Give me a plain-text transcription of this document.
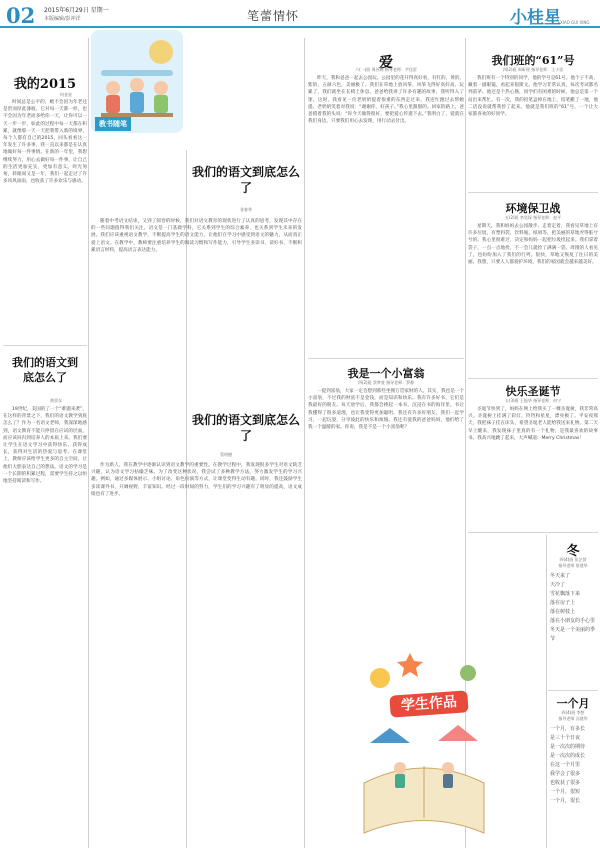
02 2015年6月29日 星期一
本版编辑/彭冲洋	笔蕾情怀	小桂星 XIAO GUI XING
教书随笔
我的2015
何金星

时间总是公平的，她不会因为年老还是贵而厚此薄彼，它对每一天都一样，也不会因为年老而多给你一天，让你可以一天一步一步，如此的过程中每一天都在积累，就像那一天一天把我带入新的境界。每个人都有自己的2015，回头看看这一年发生了许多事，我一直以来都是在认真地做好每一件事情。在新的一年里，我想继续努力，用心去做好每一件事，让自己的生活更加充实，更加有意义。时光匆匆，转眼间又是一年，我们一起走过了许多风风雨雨，也收获了许多欢乐与感动。

我们的语文到底怎么了
黄晋东

19世纪，美国的了一个“难题来袭”，在这样的背景之下，我们的语文教学到底怎么了？作为一名语文老师，我深深地感到，语文教育不能只停留在应试的层面，而应该回归到培养人的本质上来。我们要让学生在语文学习中获得快乐，获得成长，获得对生活的热爱与思考。在课堂上，教师应该给学生更多的自主空间，让他们大胆表达自己的想法。语文的学习是一个长期的积累过程，需要学生持之以恒地坚持阅读和写作。

我们的语文到底怎么了
张春华

随着中考语文结束，又到了阅卷的时候，我们对语文教育的现状进行了认真的思考，发现其中存在的一些问题值得我们关注。语文是一门基础学科，它关系到学生的综合素养，也关系到学生未来的发展。我们应该重视语文教学，不断提高学生的语文能力，让他们在学习中感受到语文的魅力，从而真正爱上语文。在教学中，教师要注重培养学生的阅读习惯和写作能力，引导学生多读书、读好书，不断积累语言材料，提高语言表达能力。

我们的语文到底怎么了
蔡明德

作为新人，我在教学中逐渐认识到语文教学的重要性。在教学过程中，我发现很多学生对语文缺乏兴趣，认为语文学习枯燥乏味。为了改变这种状况，我尝试了多种教学方法，努力激发学生的学习兴趣。例如，通过多媒体展示、小组讨论、角色扮演等方式，让课堂变得生动有趣。同时，我还鼓励学生多读课外书，开阔视野，丰富知识。经过一段时间的努力，学生们的学习兴趣有了明显的提高，语文成绩也有了进步。

爱
六(一)班 周苏锦 指导老师：尹佳雷

昨天，我和爸爸一起去公园玩。公园里的花开得真好看，有红的、黄的、紫的，五颜六色，美丽极了。我们在草地上放风筝，风筝飞得好高好高。玩累了，我们就坐在长椅上休息。爸爸给我讲了许多有趣的故事，我听得入了迷。这时，我看见一位老奶奶提着很重的东西走过来，我连忙跑过去帮她提。老奶奶笑着对我说：“谢谢你，好孩子。”我心里甜甜的。回家的路上，爸爸摸着我的头说：“你今天做得很好，要把爱心传递下去。”我明白了，爱就在我们身边，只要我们用心去发现，用行动去付出。

我是一个小富翁
四(2)班 蔡梦萱 指导老师：罗静

一提到富翁，大家一定会想到那些坐拥万贯家财的人。其实，我也是一个小富翁，不过我的财富不是金钱，而是知识和快乐。我有许多好书，它们是我最好的朋友。每天放学后，我都会捧起一本书，沉浸在书的海洋里。书让我懂得了很多道理，也让我变得更加聪明。我还有许多好朋友，我们一起学习，一起玩耍，分享彼此的快乐和烦恼。我还有爱我的爸爸妈妈，他们给了我一个温暖的家。你说，我是不是一个小富翁呢？

学生作品
我们班的“61”号
四(2)班 周昕瑶 指导老师：王小雷

我们班有一个特别的同学，他的学号是61号。他个子不高，戴着一副眼镜，看起来很斯文。他学习非常认真，每次考试都名列前茅。他还是个热心肠，同学们有困难的时候，他总是第一个站出来帮忙。有一次，我的铅笔盒掉在地上，铅笔撒了一地，他二话没说就帮我捡了起来。他就是我们班的“61”号，一个让大家都喜欢的好同学。

环境保卫战
五(2)班 李昊琛 指导老师：赵平

星期天，我和妈妈去公园散步。走着走着，我看见草地上有许多垃圾，有塑料袋、饮料瓶、纸屑等，把美丽的草地弄得脏兮兮的。我心里很难过，决定和妈妈一起把垃圾捡起来。我们拿着袋子，一点一点地捡，不一会儿就捡了满满一袋。周围的人看见了，也纷纷加入了我们的行列。很快，草地又恢复了往日的美丽。我想，只要人人都爱护环境，我们的家园就会越来越美好。

快乐圣诞节
五(3)班 王振华 指导老师：何宁

圣诞节快到了，妈妈在网上给我买了一棵圣诞树，我非常高兴。圣诞树上挂满了彩灯、铃铛和星星，漂亮极了。平安夜那天，我把袜子挂在床头，希望圣诞老人能给我送来礼物。第二天早上醒来，我发现袜子里真的有一个礼物，是我最喜欢的故事书。我高兴地跳了起来，大声喊道：Merry Christmas！

冬
四(4)班 张芷萱
指导老师 詹建华
冬天来了
天冷了
雪花飘落下来
落在房子上
落在树枝上
落在小朋友的手心里
冬天是一个美丽的季节
一个月
四(4)班 李想
指导老师 冯建华
一个月，有多长
是三十个日夜
是一次次的期待
是一次次的成长
在这一个月里
我学会了很多
也收获了很多
一个月，很短
一个月，很长
